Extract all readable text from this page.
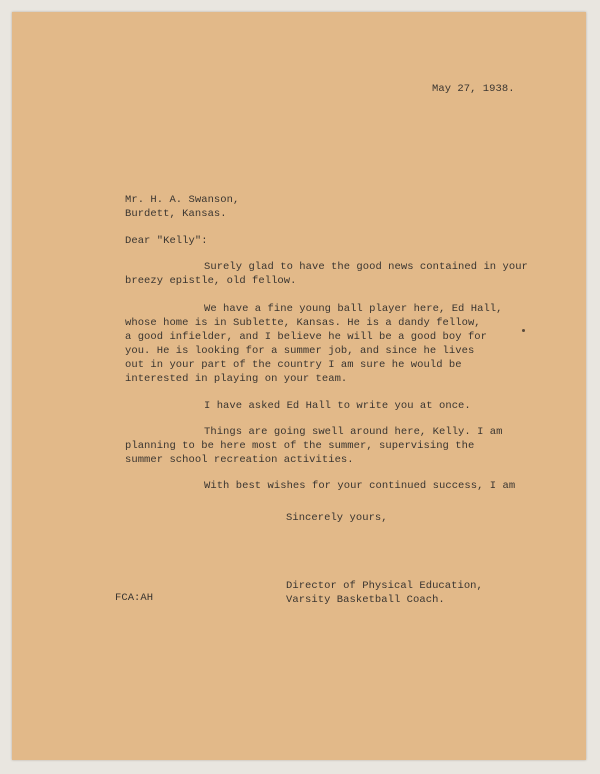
May 27, 1938.
Mr. H. A. Swanson,
Burdett, Kansas.
Dear "Kelly":
Surely glad to have the good news contained in your
breezy epistle, old fellow.
We have a fine young ball player here, Ed Hall,
whose home is in Sublette, Kansas. He is a dandy fellow,
a good infielder, and I believe he will be a good boy for
you. He is looking for a summer job, and since he lives
out in your part of the country I am sure he would be
interested in playing on your team.
I have asked Ed Hall to write you at once.
Things are going swell around here, Kelly. I am
planning to be here most of the summer, supervising the
summer school recreation activities.
With best wishes for your continued success, I am
Sincerely yours,
Director of Physical Education,
Varsity Basketball Coach.
FCA:AH
